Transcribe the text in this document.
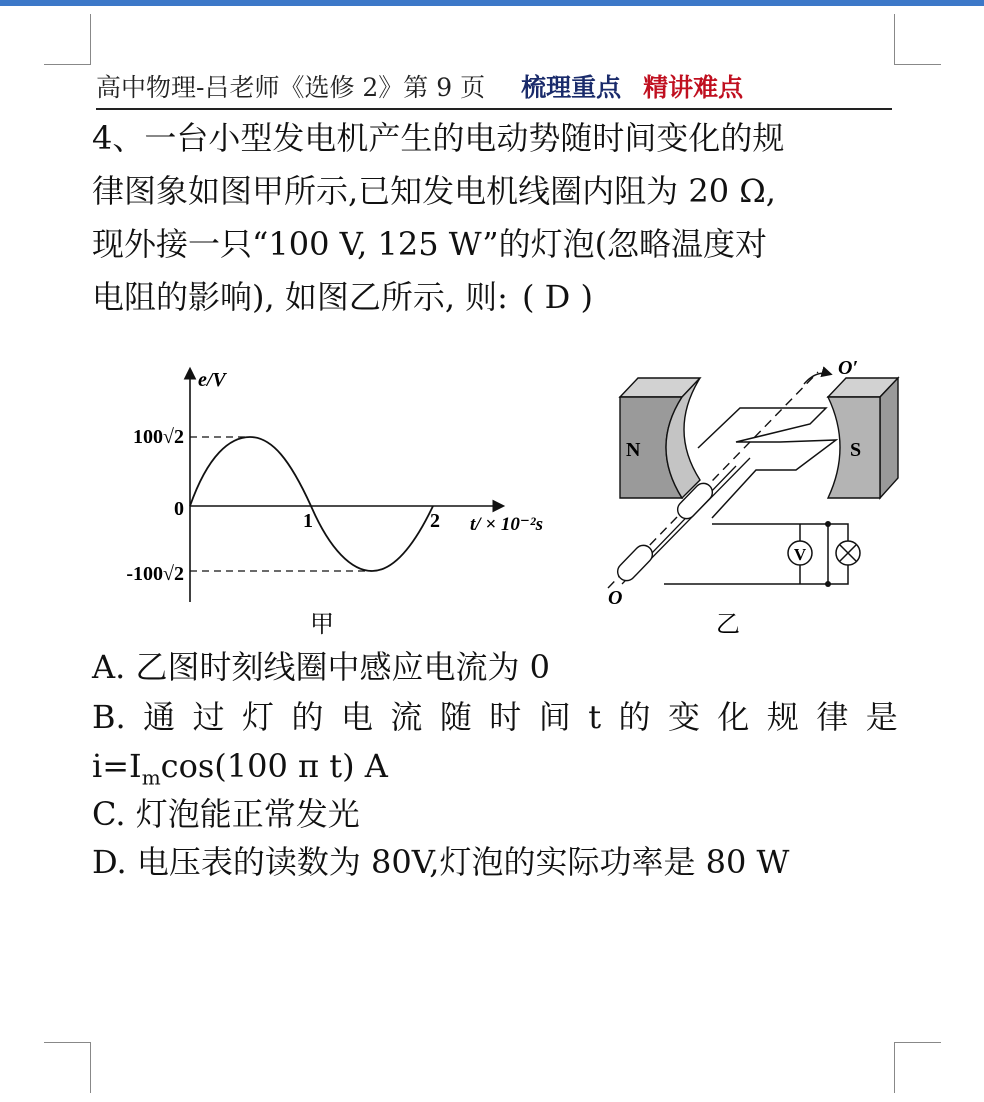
高中物理-吕老师《选修 2》第 9 页 梳理重点 精讲难点
4、一台小型发电机产生的电动势随时间变化的规
律图象如图甲所示,已知发电机线圈内阻为 20 Ω,
现外接一只“100 V, 125 W”的灯泡(忽略温度对
电阻的影响), 如图乙所示, 则: ( D )
e/V
100√2
-100√2
0
1	2 t/ × 10⁻²s
甲
N	S
O′
O
V
乙
A. 乙图时刻线圈中感应电流为 0
B. 通 过 灯 的 电 流 随 时 间 t 的 变 化 规 律 是
$i=I_m\cos(100$ π t) A
C. 灯泡能正常发光
D. 电压表的读数为 80V,灯泡的实际功率是 80 W
